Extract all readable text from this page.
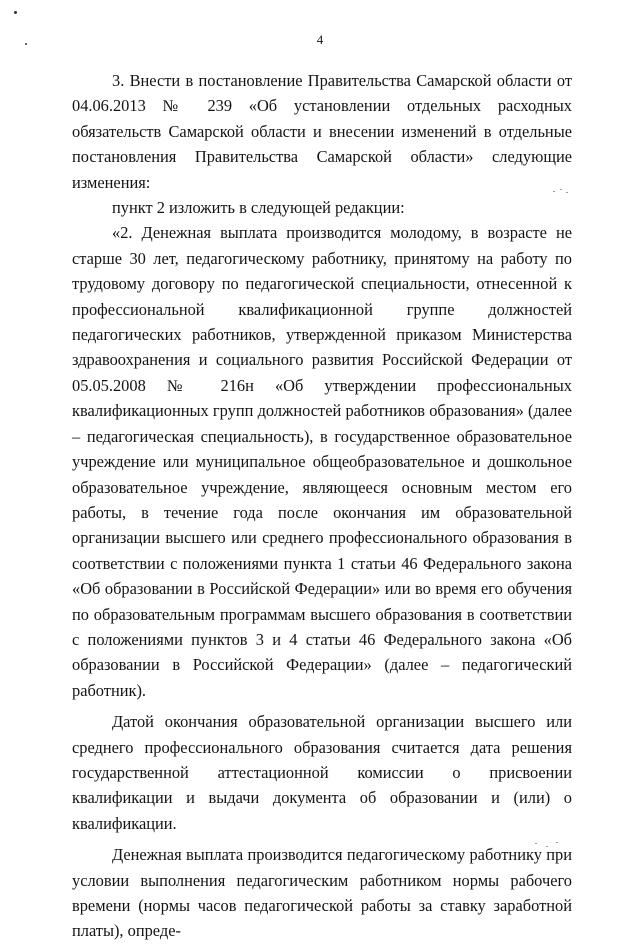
4

3. Внести в постановление Правительства Самарской области от 04.06.2013 № 239 «Об установлении отдельных расходных обязательств Самарской области и внесении изменений в отдельные постановления Правительства Самарской области» следующие изменения:

пункт 2 изложить в следующей редакции:

«2. Денежная выплата производится молодому, в возрасте не старше 30 лет, педагогическому работнику, принятому на работу по трудовому договору по педагогической специальности, отнесенной к профессиональной квалификационной группе должностей педагогических работников, утвержденной приказом Министерства здравоохранения и социального развития Российской Федерации от 05.05.2008 № 216н «Об утверждении профессиональных квалификационных групп должностей работников образования» (далее – педагогическая специальность), в государственное образовательное учреждение или муниципальное общеобразовательное и дошкольное образовательное учреждение, являющееся основным местом его работы, в течение года после окончания им образовательной организации высшего или среднего профессионального образования в соответствии с положениями пункта 1 статьи 46 Федерального закона «Об образовании в Российской Федерации» или во время его обучения по образовательным программам высшего образования в соответствии с положениями пунктов 3 и 4 статьи 46 Федерального закона «Об образовании в Российской Федерации» (далее – педагогический работник).

Датой окончания образовательной организации высшего или среднего профессионального образования считается дата решения государственной аттестационной комиссии о присвоении квалификации и выдачи документа об образовании и (или) о квалификации.

Денежная выплата производится педагогическому работнику при условии выполнения педагогическим работником нормы рабочего времени (нормы часов педагогической работы за ставку заработной платы), опреде-
